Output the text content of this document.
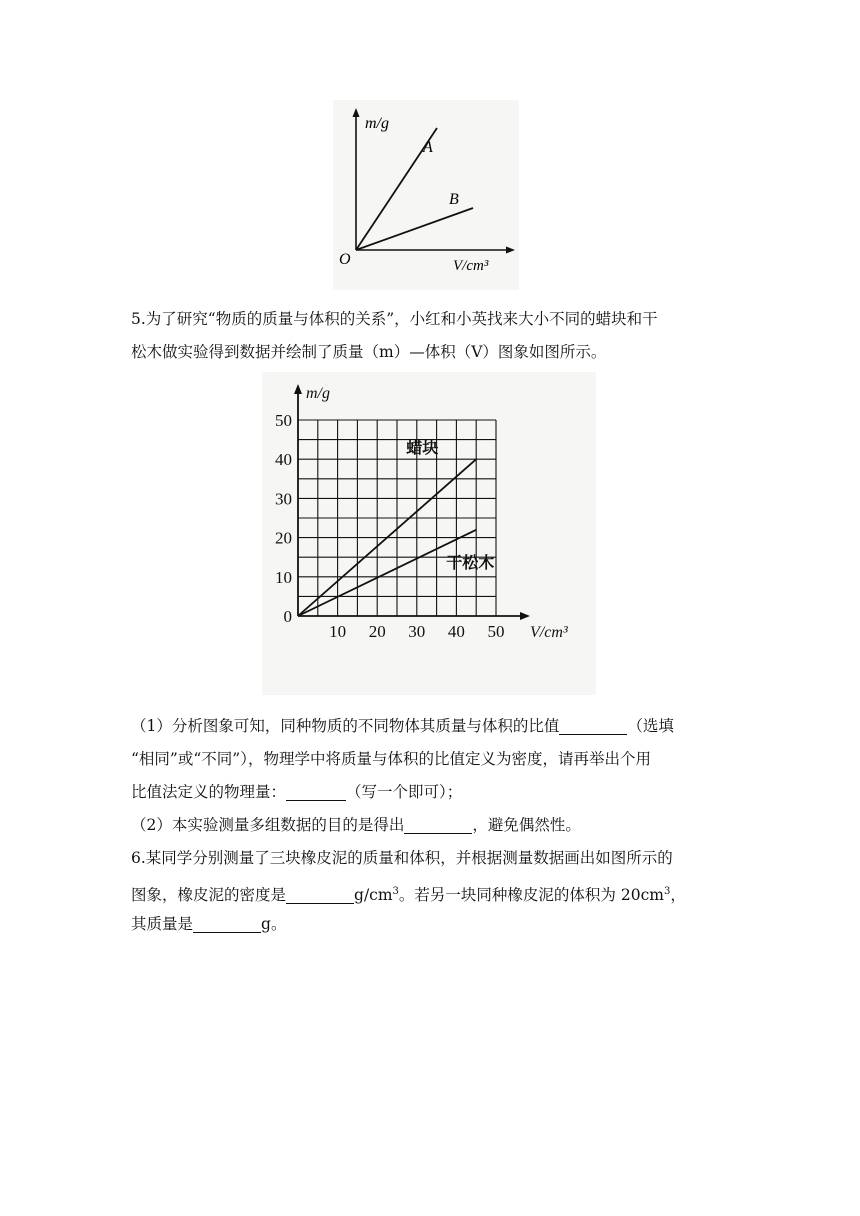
m/g
V/cm³
O
A
B
5.为了研究“物质的质量与体积的关系”，小红和小英找来大小不同的蜡块和干
松木做实验得到数据并绘制了质量（m）—体积（V）图象如图所示。
蜡块
干松木
0
10
20
30
40
50
10 20 30 40 50
m/g
V/cm³
（1）分析图象可知，同种物质的不同物体其质量与体积的比值	（选填
“相同”或“不同”），物理学中将质量与体积的比值定义为密度，请再举出个用
比值法定义的物理量：	（写一个即可）；
（2）本实验测量多组数据的目的是得出	，避免偶然性。
6.某同学分别测量了三块橡皮泥的质量和体积，并根据测量数据画出如图所示的
图象，橡皮泥的密度是	$g/cm^3$。若另一块同种橡皮泥的体积为 $20cm^3$，
其质量是	g。
